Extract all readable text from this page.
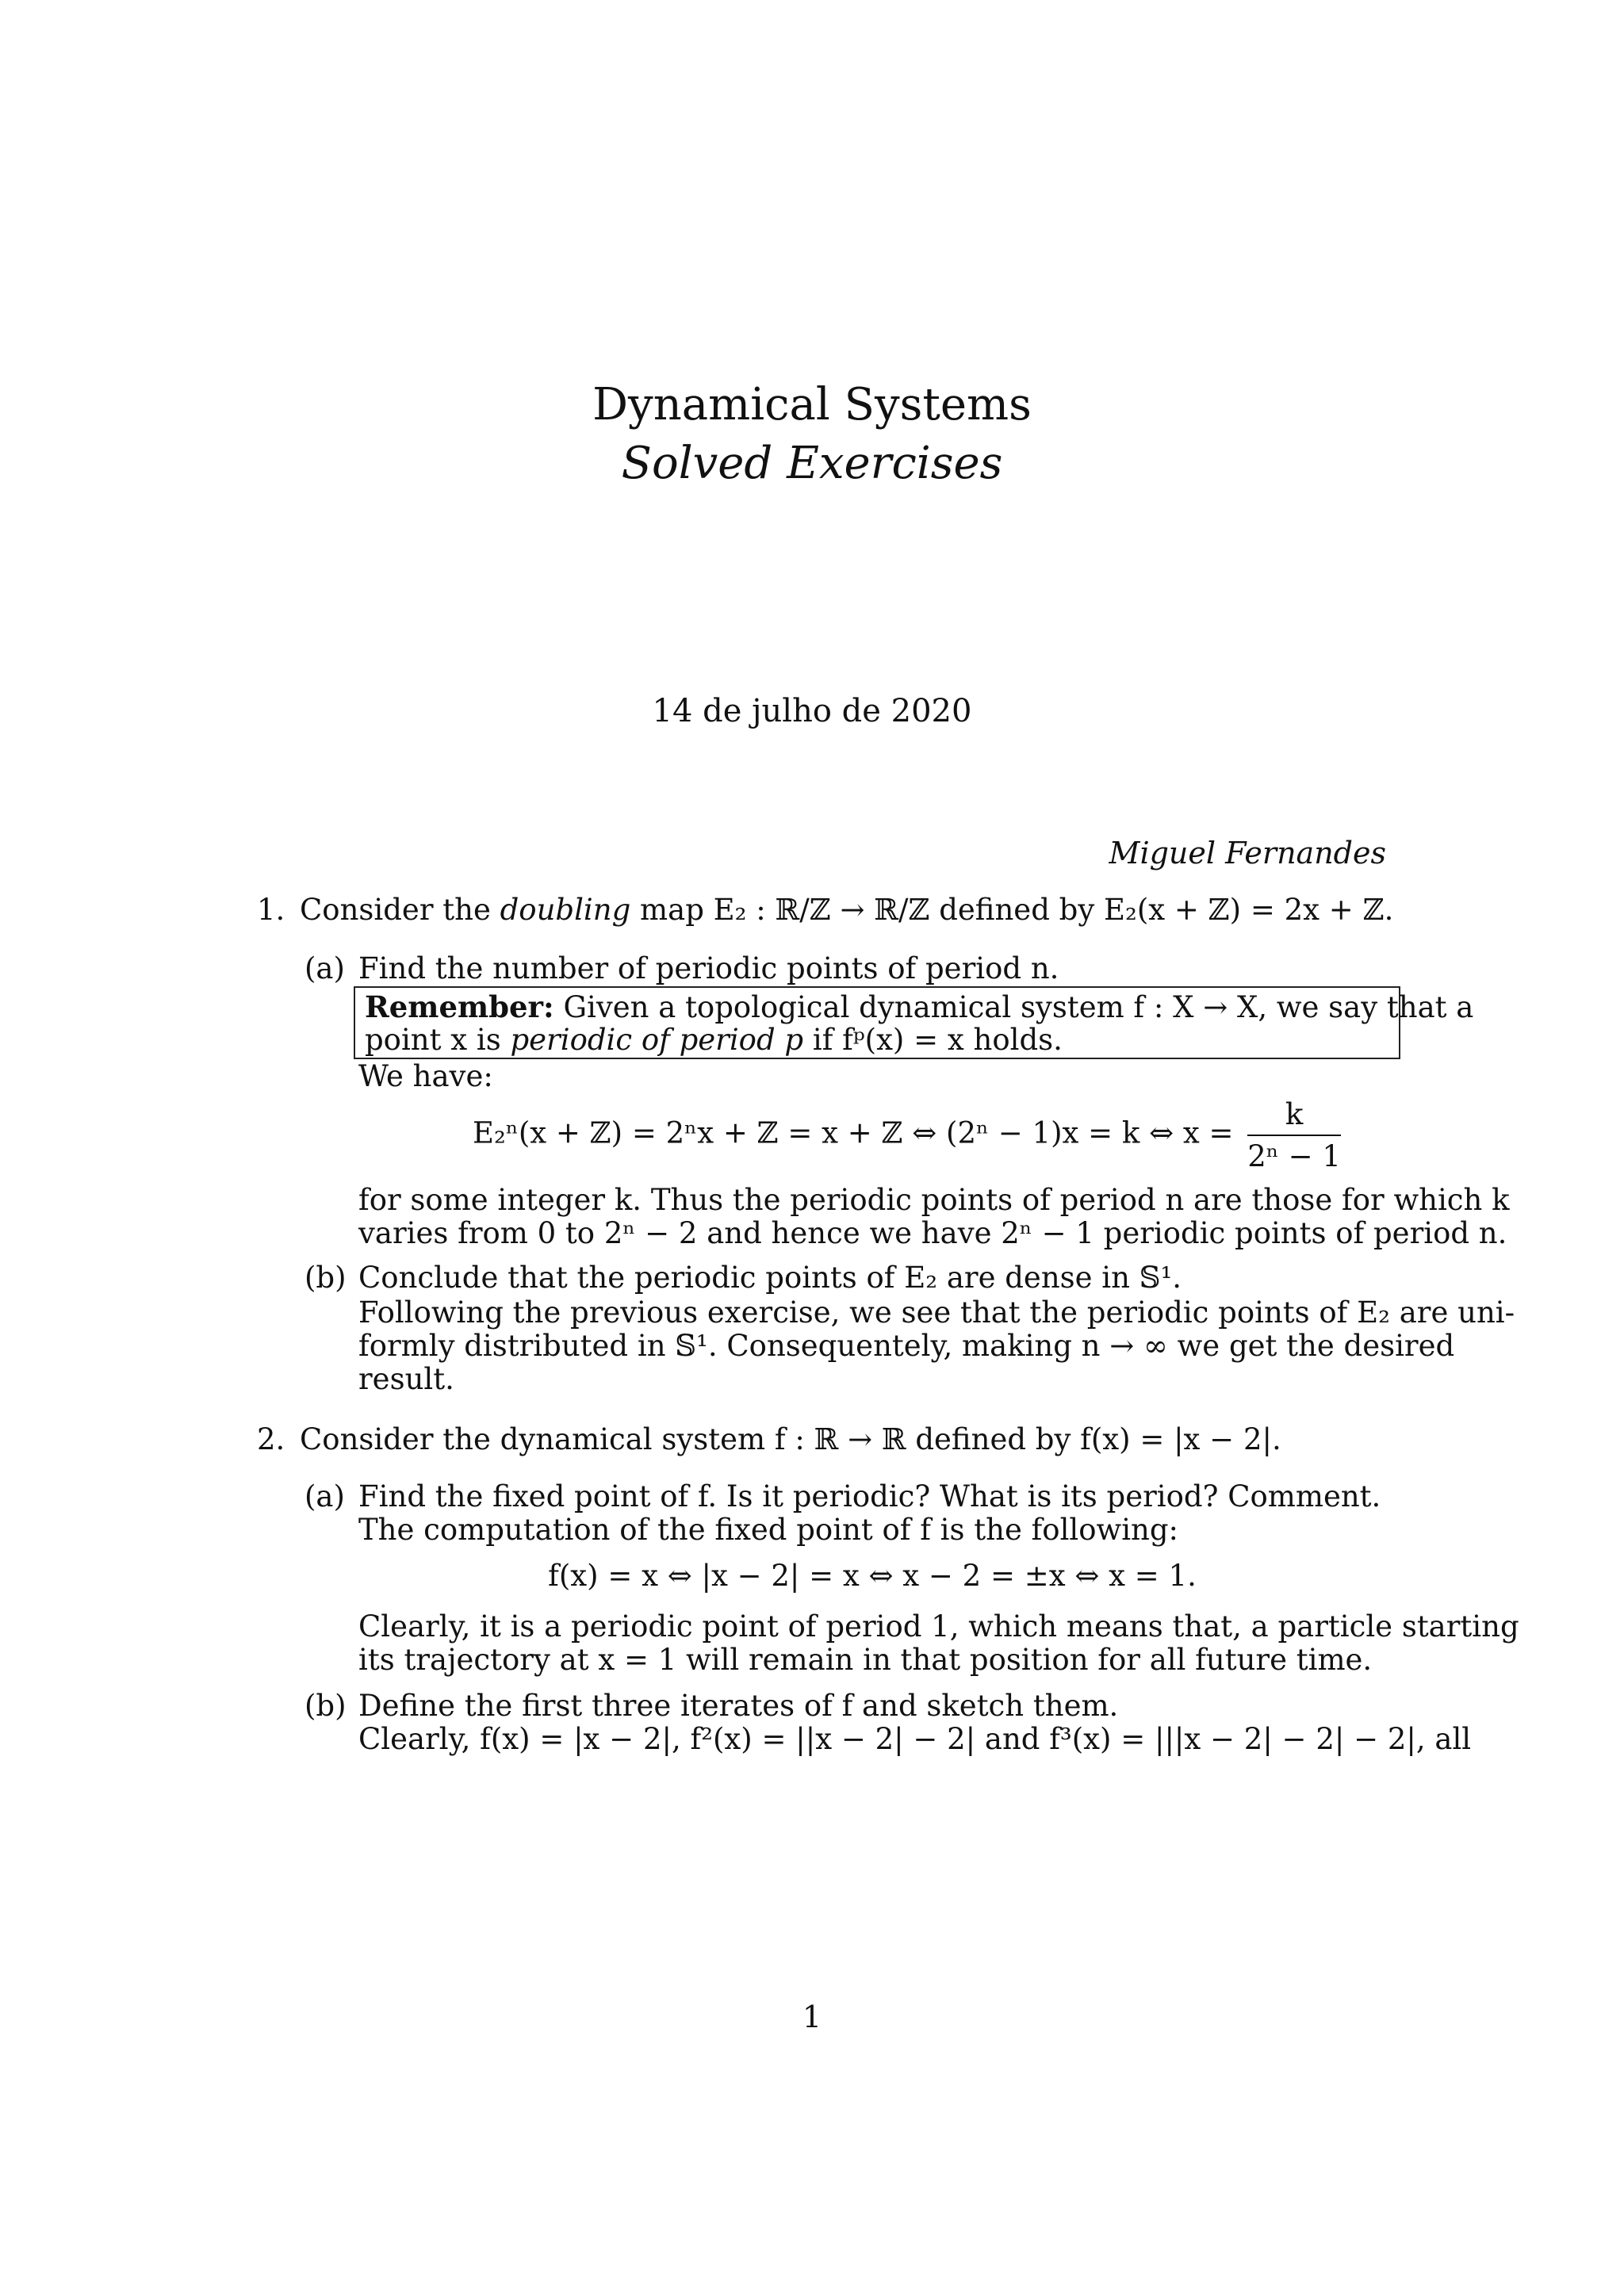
Dynamical Systems
Solved Exercises
14 de julho de 2020
Miguel Fernandes
1. Consider the doubling map E₂ : ℝ/ℤ → ℝ/ℤ defined by E₂(x + ℤ) = 2x + ℤ.
(a) Find the number of periodic points of period n.
Remember: Given a topological dynamical system f : X → X, we say that a
point x is periodic of period p if fᵖ(x) = x holds.
We have:
E₂ⁿ(x + ℤ) = 2ⁿx + ℤ = x + ℤ ⇔ (2ⁿ − 1)x = k ⇔ $x = \frac{k}{\text{2ⁿ − 1}}$
for some integer k. Thus the periodic points of period n are those for which k
varies from 0 to 2ⁿ − 2 and hence we have 2ⁿ − 1 periodic points of period n.
(b) Conclude that the periodic points of E₂ are dense in 𝕊¹.
Following the previous exercise, we see that the periodic points of E₂ are uni-
formly distributed in 𝕊¹. Consequentely, making n → ∞ we get the desired
result.
2. Consider the dynamical system f : ℝ → ℝ defined by f(x) = |x − 2|.
(a) Find the fixed point of f. Is it periodic? What is its period? Comment.
The computation of the fixed point of f is the following:
f(x) = x ⇔ |x − 2| = x ⇔ x − 2 = ±x ⇔ x = 1.
Clearly, it is a periodic point of period 1, which means that, a particle starting
its trajectory at x = 1 will remain in that position for all future time.
(b) Define the first three iterates of f and sketch them.
Clearly, f(x) = |x − 2|, f²(x) = ||x − 2| − 2| and f³(x) = |||x − 2| − 2| − 2|, all
1
